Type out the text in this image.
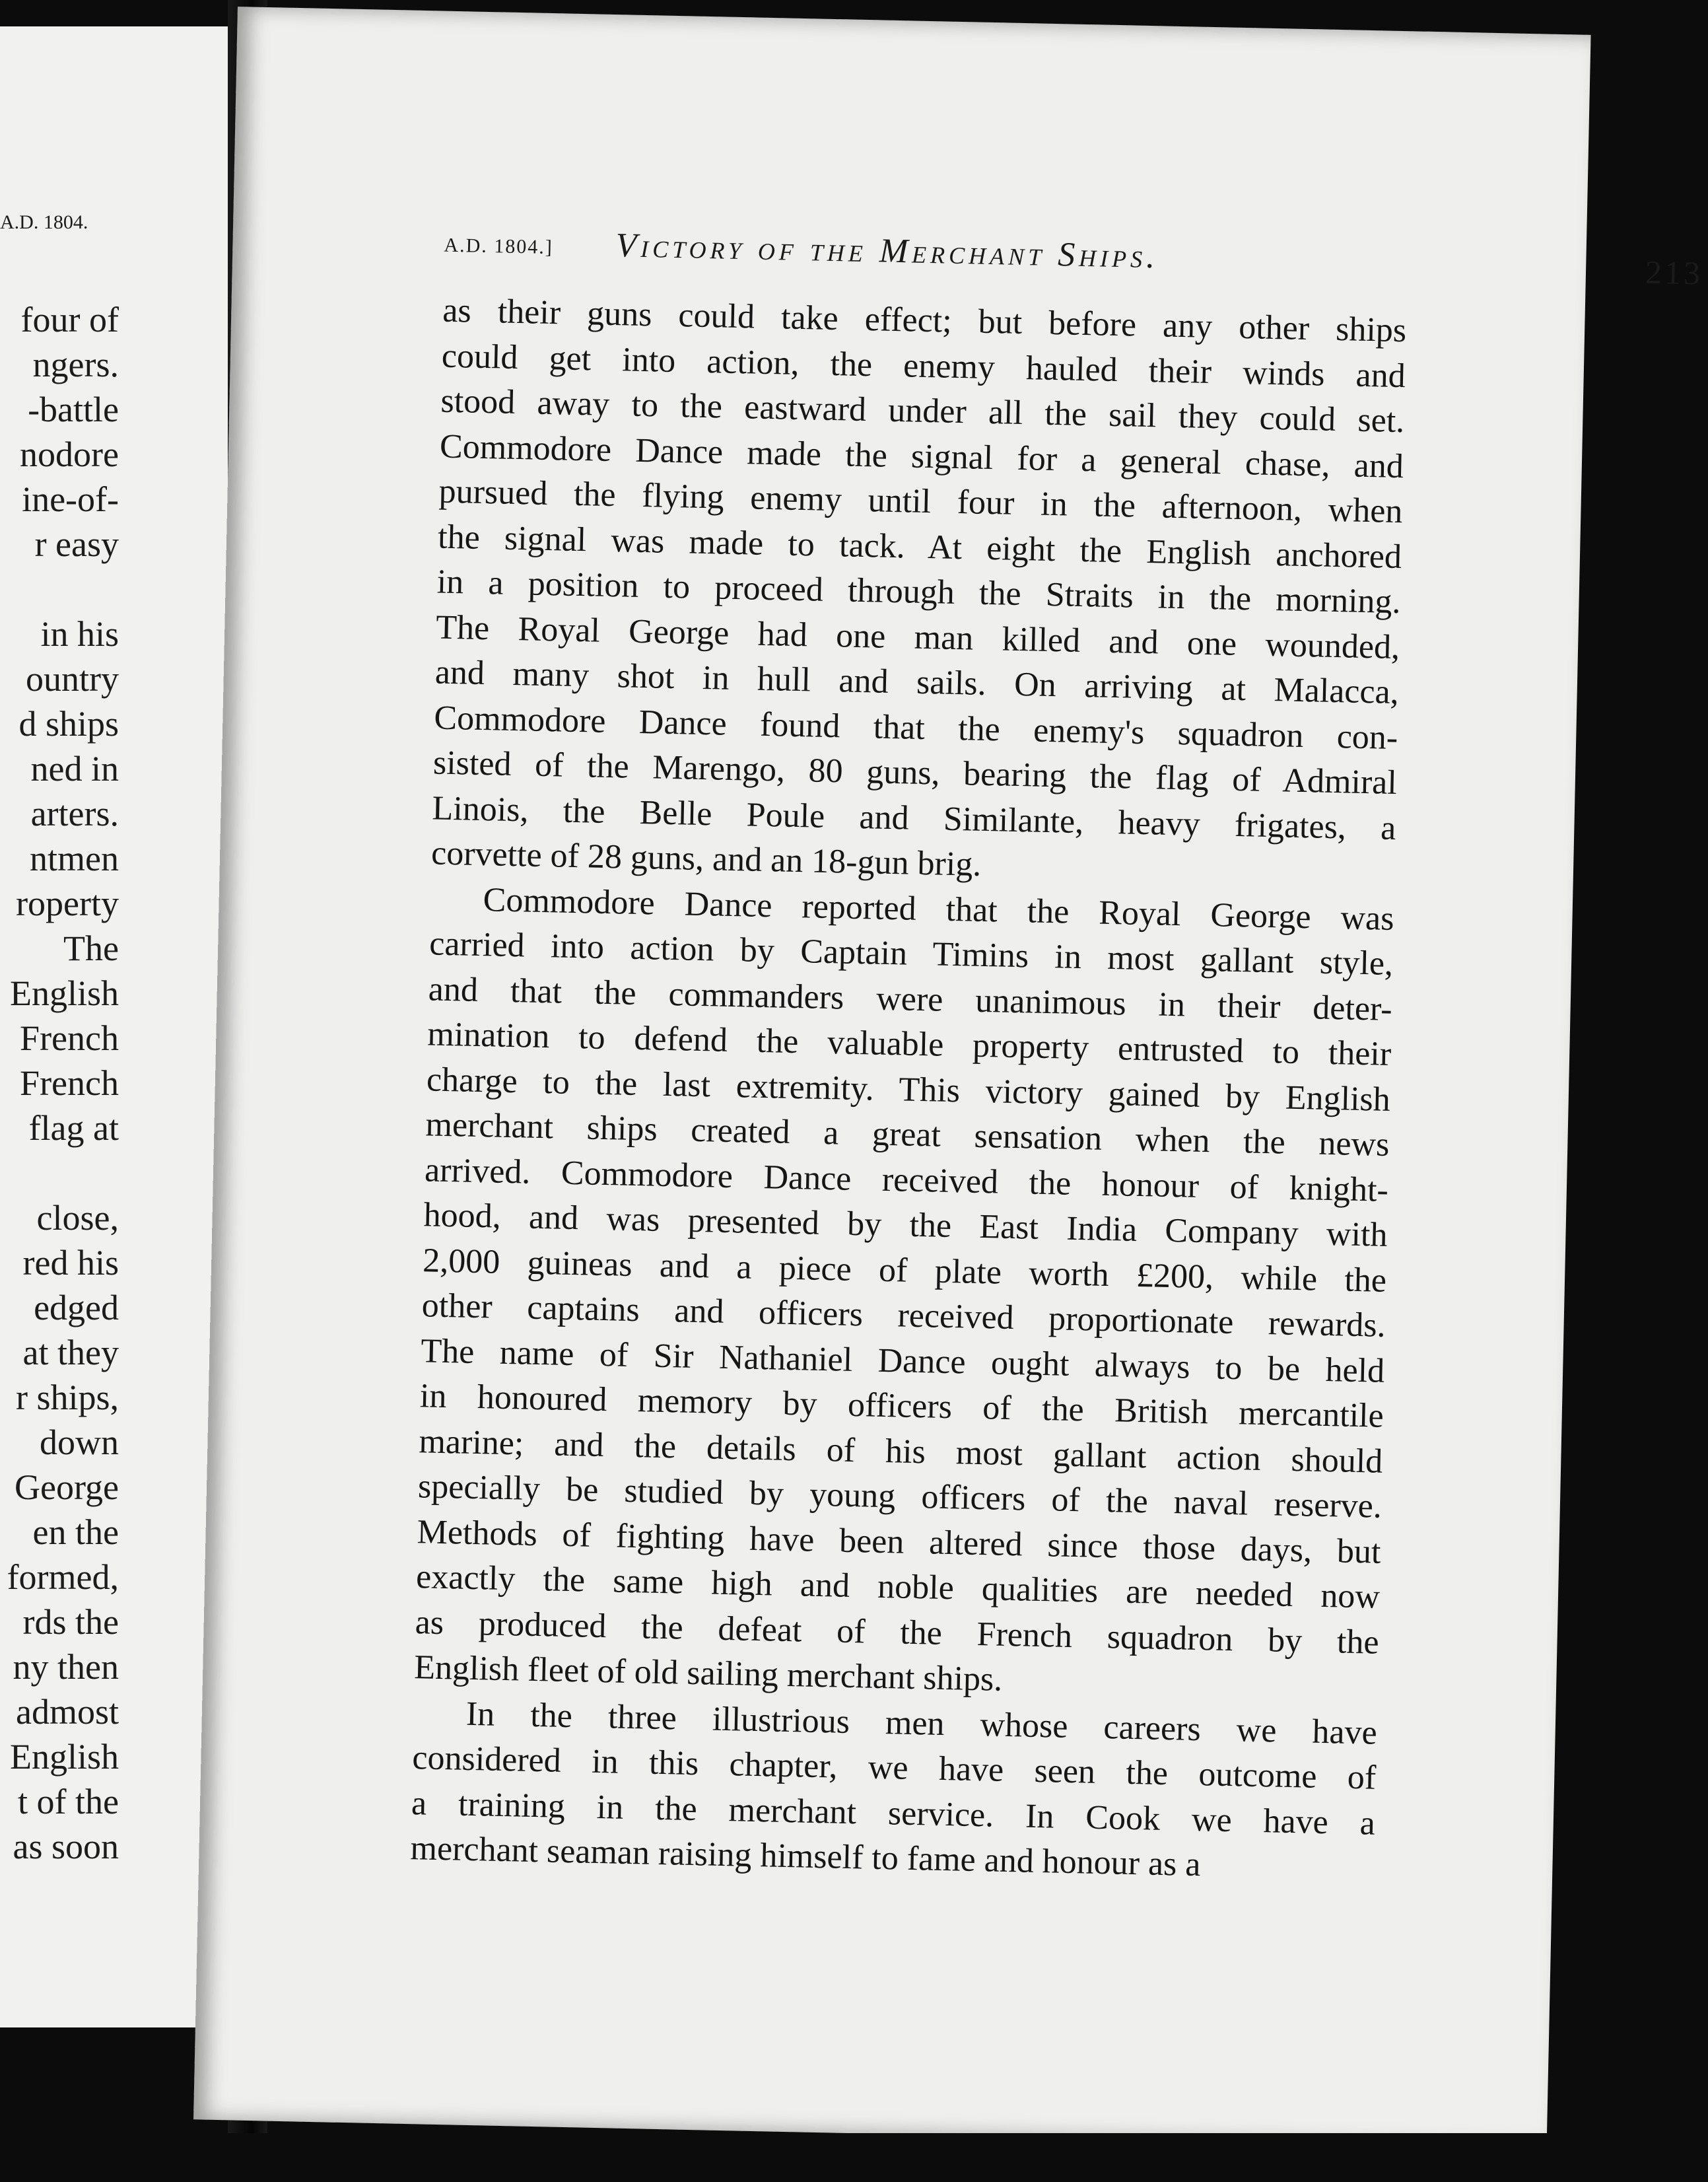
A.D. 1804.
four of
ngers.
-battle
nodore
ine-of-
r easy
in his
ountry
d ships
ned in
arters.
ntmen
roperty
The
English
French
French
flag at
close,
red his
edged
at they
r ships,
down
George
en the
formed,
rds the
ny then
admost
English
t of the
as soon
A.D. 1804.] Victory of the Merchant Ships.	213
as their guns could take effect; but before any other ships
could get into action, the enemy hauled their winds and
stood away to the eastward under all the sail they could set.
Commodore Dance made the signal for a general chase, and
pursued the flying enemy until four in the afternoon, when
the signal was made to tack. At eight the English anchored
in a position to proceed through the Straits in the morning.
The Royal George had one man killed and one wounded,
and many shot in hull and sails. On arriving at Malacca,
Commodore Dance found that the enemy's squadron con-
sisted of the Marengo, 80 guns, bearing the flag of Admiral
Linois, the Belle Poule and Similante, heavy frigates, a
corvette of 28 guns, and an 18-gun brig.
Commodore Dance reported that the Royal George was
carried into action by Captain Timins in most gallant style,
and that the commanders were unanimous in their deter-
mination to defend the valuable property entrusted to their
charge to the last extremity. This victory gained by English
merchant ships created a great sensation when the news
arrived. Commodore Dance received the honour of knight-
hood, and was presented by the East India Company with
2,000 guineas and a piece of plate worth £200, while the
other captains and officers received proportionate rewards.
The name of Sir Nathaniel Dance ought always to be held
in honoured memory by officers of the British mercantile
marine; and the details of his most gallant action should
specially be studied by young officers of the naval reserve.
Methods of fighting have been altered since those days, but
exactly the same high and noble qualities are needed now
as produced the defeat of the French squadron by the
English fleet of old sailing merchant ships.
In the three illustrious men whose careers we have
considered in this chapter, we have seen the outcome of
a training in the merchant service. In Cook we have a
merchant seaman raising himself to fame and honour as a
